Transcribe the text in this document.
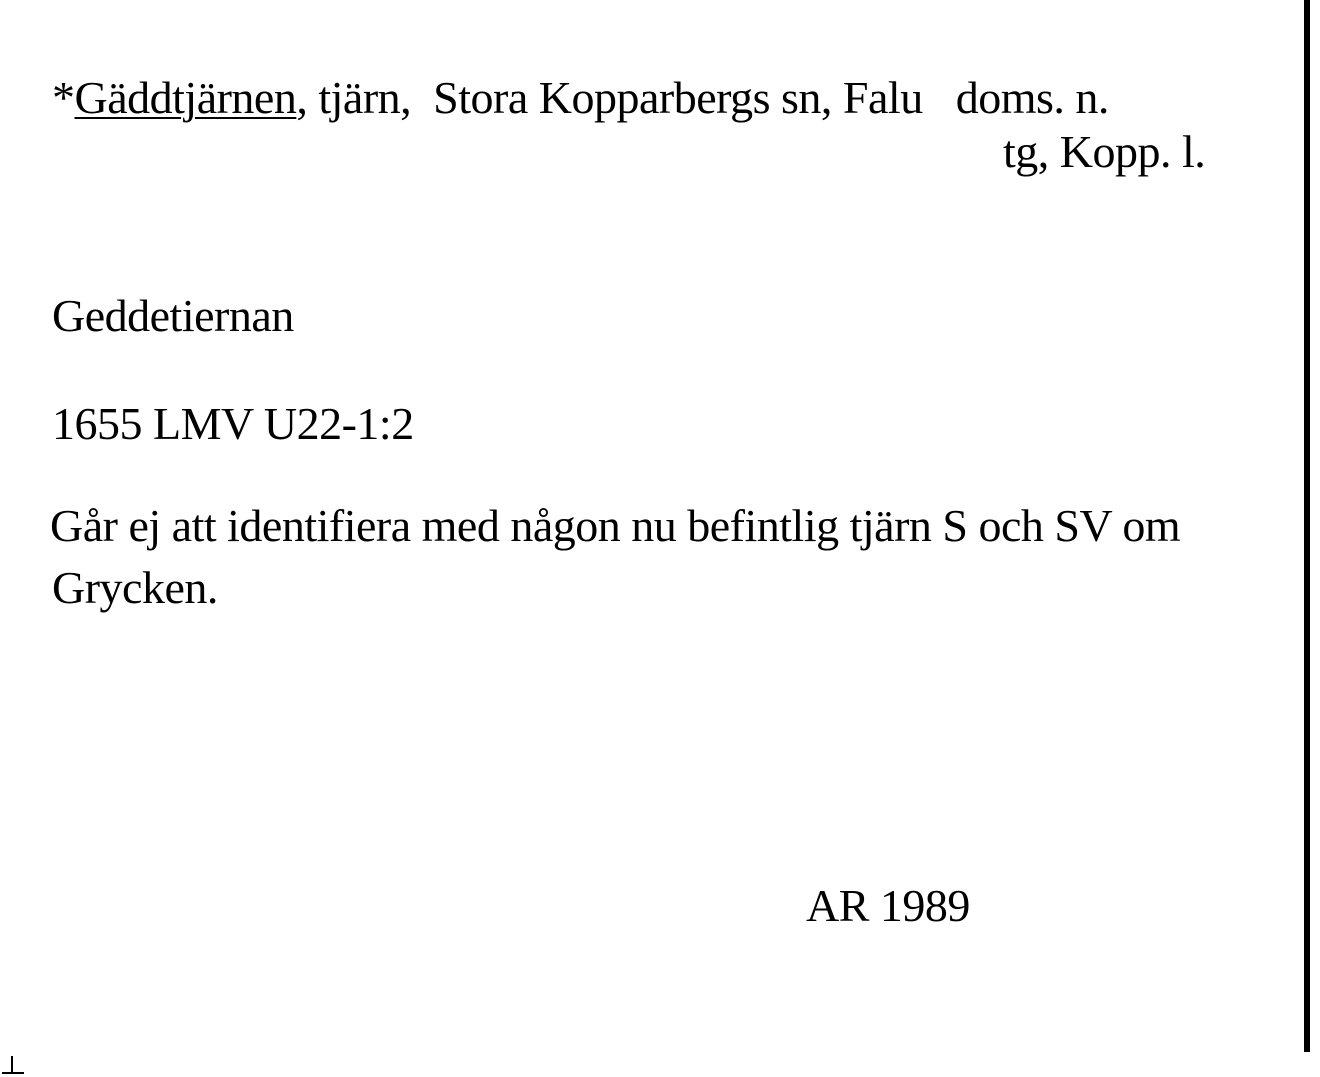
*Gäddtjärnen, tjärn,  Stora Kopparbergs sn, Falu   doms. n.
tg, Kopp. l.
Geddetiernan
1655 LMV U22-1:2
Går ej att identifiera med någon nu befintlig tjärn S och SV om
Grycken.
AR 1989
